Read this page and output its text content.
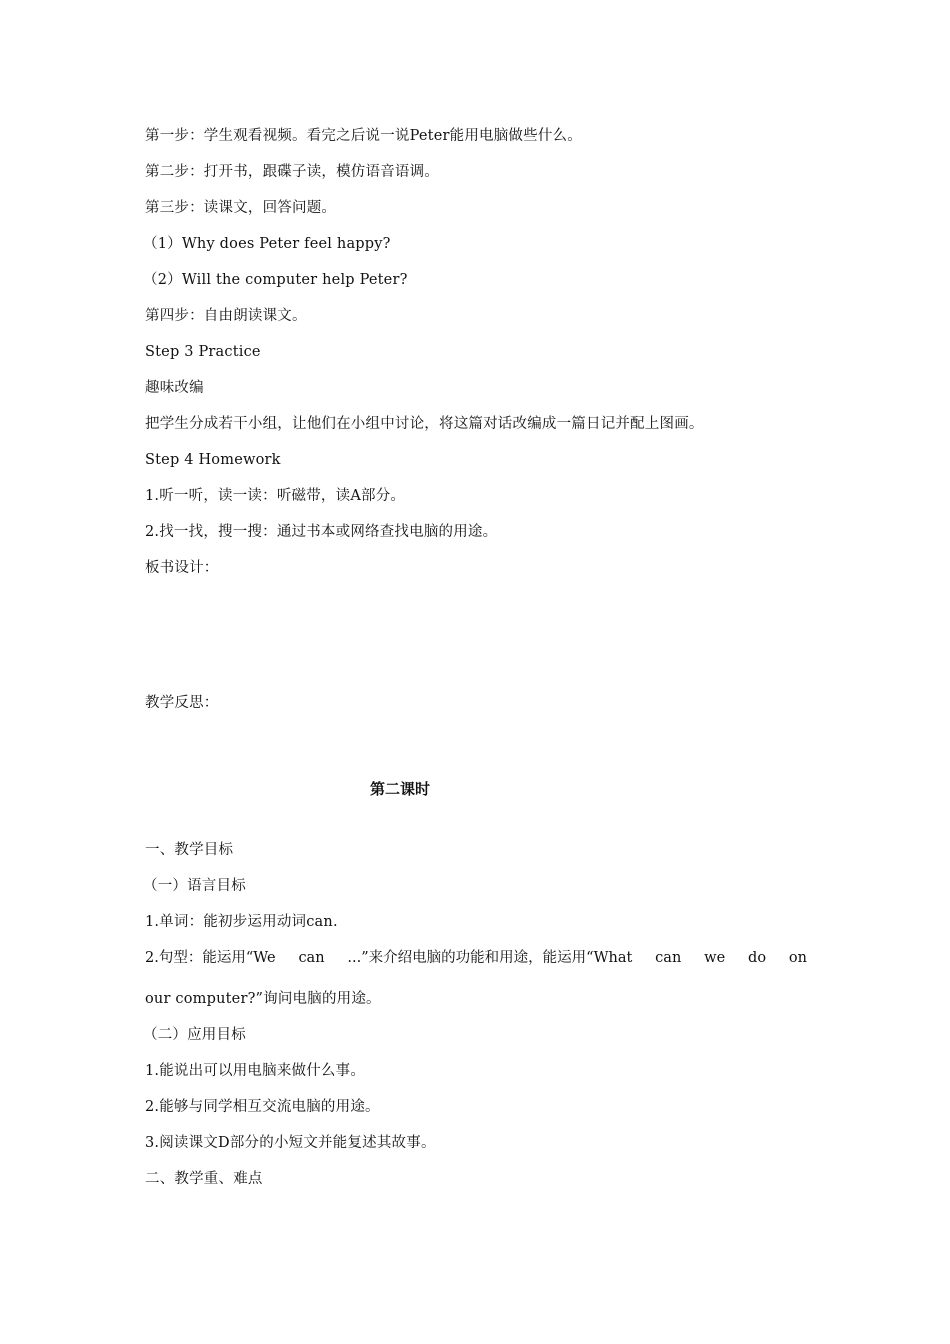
第一步：学生观看视频。看完之后说一说Peter能用电脑做些什么。
第二步：打开书，跟碟子读，模仿语音语调。
第三步：读课文，回答问题。
（1）Why does Peter feel happy?
（2）Will the computer help Peter?
第四步：自由朗读课文。
Step 3 Practice
趣味改编
把学生分成若干小组，让他们在小组中讨论，将这篇对话改编成一篇日记并配上图画。
Step 4 Homework
1.听一听，读一读：听磁带，读A部分。
2.找一找，搜一搜：通过书本或网络查找电脑的用途。
板书设计：
教学反思：
第二课时
一、教学目标
（一）语言目标
1.单词：能初步运用动词can.
2.句型：能运用“We can ...”来介绍电脑的功能和用途，能运用“What can we do on
our computer?”询问电脑的用途。
（二）应用目标
1.能说出可以用电脑来做什么事。
2.能够与同学相互交流电脑的用途。
3.阅读课文D部分的小短文并能复述其故事。
二、教学重、难点
